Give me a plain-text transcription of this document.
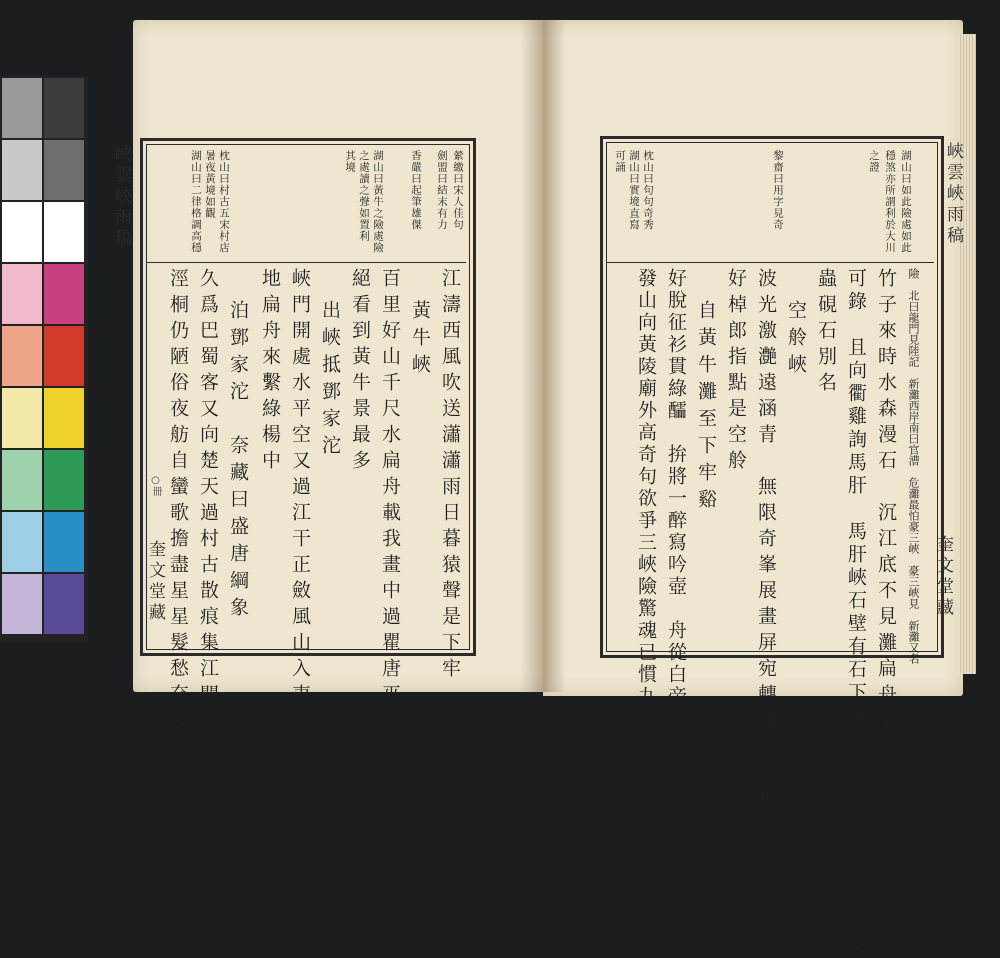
峽雲峽雨稿
○冊
奎文堂藏
縈繳曰宋人佳句
劍盟曰結末有力
香嚴曰起筆雄傑
湖山曰黃牛之險處險
之處讀之聲如置利
其境
枕山曰村古五宋村店
暑夜黃境如觀
湖山曰二律格調高穩
江濤西風吹送瀟瀟雨日暮猿聲是下牢
黃牛峽
百里好山千尺水扁舟載我畫中過瞿唐巫峽皆奇
絕看到黃牛景最多
出峽抵鄧家沱
峽門開處水平空又過江干正斂風山入夷陵皆貼
地扁舟來繫綠楊中
泊鄧家沱　奈藏曰盛唐綱象
久爲巴蜀客又向楚天過村古㪚痕集江開月色多
涇桐仍陋俗夜舫自蠻歌擔盡星星髮愁奈汝何
峽雲峽雨稿
奎文堂藏
湖山曰如此險處如此
穩煞亦所謂利於大川
之證
黎齋曰用字見奇
枕山曰句句奇秀
湖山曰實境直寫
可誦
險　北曰龍門見陸記　新灘西岸南曰官漕　危灘最怕豪三峽　豪三峽見　新灘又名
竹子來時水森漫石　沉江底不見灘扁舟坐穩詩
可錄　且向衢雞詢馬肝　馬肝峽石壁有石下垂如肝狀因以得名馬肝又
蟲硯石別名
空舲峽
波光激灔遠涵青　無限奇峯展畫屏宛轉隨舟看更
好棹郎指點是空舲
自黃牛灘至下牢谿
好脫征衫貫綠醽　拚將一醉寫吟壺　舟從白帝城頭
發山向黃陵廟外高奇句欲爭三峽險驚魂已慣九
